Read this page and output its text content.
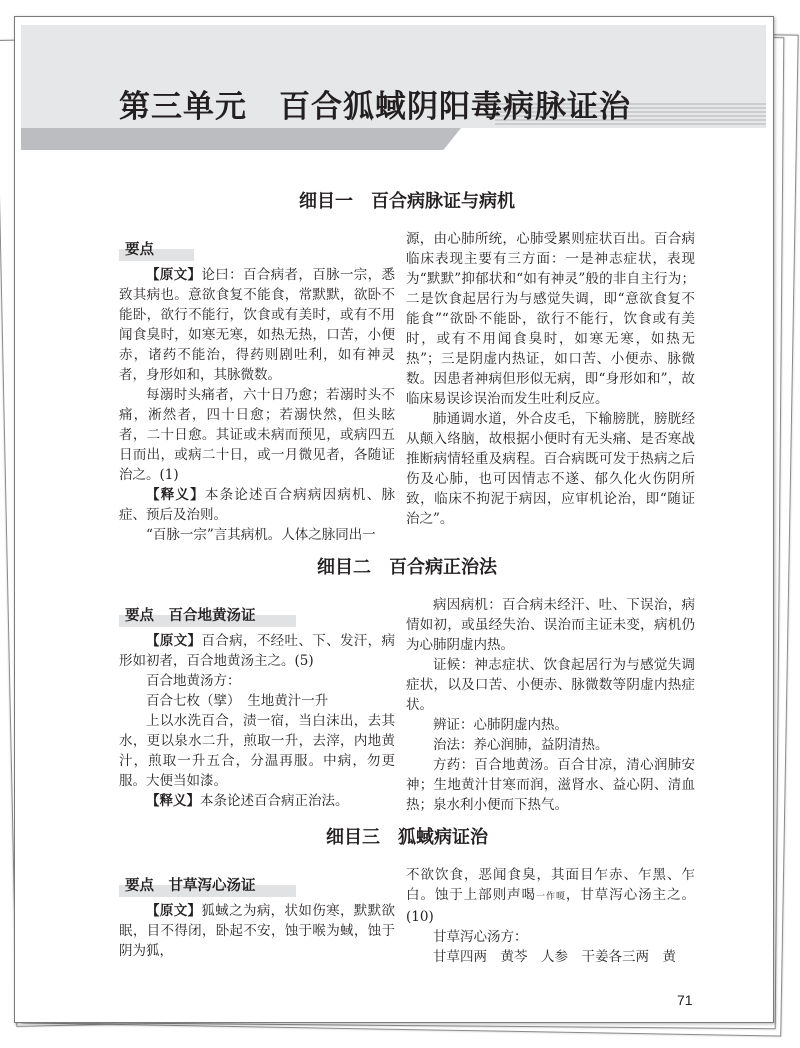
第三单元　百合狐蜮阴阳毒病脉证治
细目一　百合病脉证与病机
要点

【原文】论曰：百合病者，百脉一宗，悉致其病也。意欲食复不能食，常默默，欲卧不能卧，欲行不能行，饮食或有美时，或有不用闻食臭时，如寒无寒，如热无热，口苦，小便赤，诸药不能治，得药则剧吐利，如有神灵者，身形如和，其脉微数。

每溺时头痛者，六十日乃愈；若溺时头不痛，淅然者，四十日愈；若溺快然，但头眩者，二十日愈。其证或未病而预见，或病四五日而出，或病二十日，或一月微见者，各随证治之。(1)

【释义】本条论述百合病病因病机、脉症、预后及治则。

“百脉一宗”言其病机。人体之脉同出一

源，由心肺所统，心肺受累则症状百出。百合病临床表现主要有三方面：一是神志症状，表现为“默默”抑郁状和“如有神灵”般的非自主行为；二是饮食起居行为与感觉失调，即“意欲食复不能食”“欲卧不能卧，欲行不能行，饮食或有美时，或有不用闻食臭时，如寒无寒，如热无热”；三是阴虚内热证，如口苦、小便赤、脉微数。因患者神病但形似无病，即“身形如和”，故临床易误诊误治而发生吐利反应。

肺通调水道，外合皮毛，下输膀胱，膀胱经从颠入络脑，故根据小便时有无头痛、是否寒战推断病情轻重及病程。百合病既可发于热病之后伤及心肺，也可因情志不遂、郁久化火伤阴所致，临床不拘泥于病因，应审机论治，即“随证治之”。

细目二　百合病正治法
要点　百合地黄汤证

【原文】百合病，不经吐、下、发汗，病形如初者，百合地黄汤主之。(5)

百合地黄汤方：

百合七枚（擘）　生地黄汁一升

上以水洗百合，渍一宿，当白沫出，去其水，更以泉水二升，煎取一升，去滓，内地黄汁，煎取一升五合，分温再服。中病，勿更服。大便当如漆。

【释义】本条论述百合病正治法。

病因病机：百合病未经汗、吐、下误治，病情如初，或虽经失治、误治而主证未变，病机仍为心肺阴虚内热。

证候：神志症状、饮食起居行为与感觉失调症状，以及口苦、小便赤、脉微数等阴虚内热症状。

辨证：心肺阴虚内热。

治法：养心润肺，益阴清热。

方药：百合地黄汤。百合甘凉，清心润肺安神；生地黄汁甘寒而润，滋肾水、益心阴、清血热；泉水利小便而下热气。

细目三　狐蜮病证治
要点　甘草泻心汤证

【原文】狐蜮之为病，状如伤寒，默默欲眠，目不得闭，卧起不安，蚀于喉为蜮，蚀于阴为狐，

不欲饮食，恶闻食臭，其面目乍赤、乍黑、乍白。蚀于上部则声喝一作嗄，甘草泻心汤主之。(10)

甘草泻心汤方：

甘草四两　黄芩　人参　干姜各三两　黄

71
